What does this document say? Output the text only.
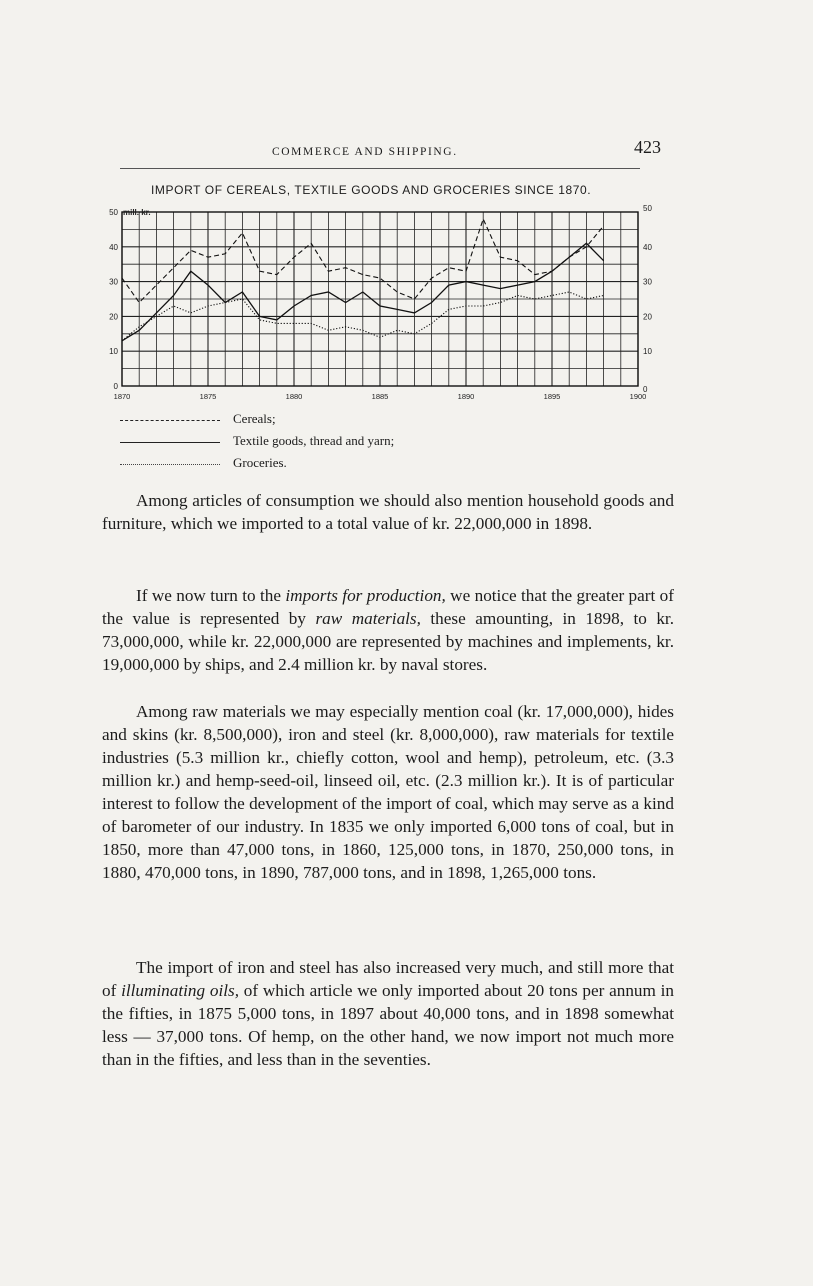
COMMERCE AND SHIPPING.	423
IMPORT OF CEREALS, TEXTILE GOODS AND GROCERIES SINCE 1870.
50
40
30
20
10
0
50
40
30
20
10
0
mill. kr.
1870	1875	1880	1885	1890	1895	1900
Cereals;
Textile goods, thread and yarn;
Groceries.

Among articles of consumption we should also mention household goods and furniture, which we imported to a total value of kr. 22,000,000 in 1898.

If we now turn to the imports for production, we notice that the greater part of the value is represented by raw materials, these amounting, in 1898, to kr. 73,000,000, while kr. 22,000,000 are represented by machines and implements, kr. 19,000,000 by ships, and 2.4 million kr. by naval stores.

Among raw materials we may especially mention coal (kr. 17,000,000), hides and skins (kr. 8,500,000), iron and steel (kr. 8,000,000), raw materials for textile industries (5.3 million kr., chiefly cotton, wool and hemp), petroleum, etc. (3.3 million kr.) and hemp-seed-oil, linseed oil, etc. (2.3 million kr.). It is of particular interest to follow the development of the import of coal, which may serve as a kind of barometer of our industry. In 1835 we only imported 6,000 tons of coal, but in 1850, more than 47,000 tons, in 1860, 125,000 tons, in 1870, 250,000 tons, in 1880, 470,000 tons, in 1890, 787,000 tons, and in 1898, 1,265,000 tons.

The import of iron and steel has also increased very much, and still more that of illuminating oils, of which article we only imported about 20 tons per annum in the fifties, in 1875 5,000 tons, in 1897 about 40,000 tons, and in 1898 somewhat less — 37,000 tons. Of hemp, on the other hand, we now import not much more than in the fifties, and less than in the seventies.
